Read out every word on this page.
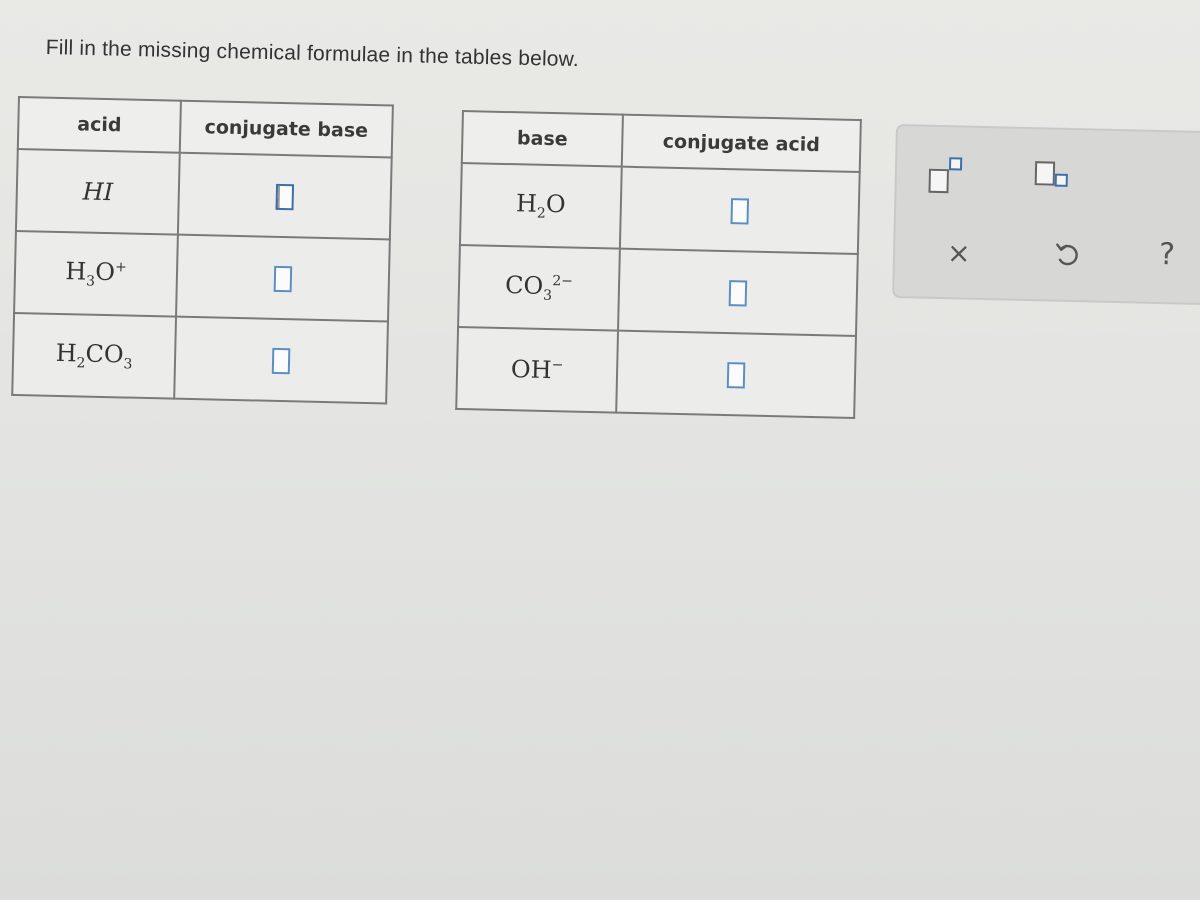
Fill in the missing chemical formulae in the tables below.
acid	conjugate base
HI	
$H_3O^+$	
$H_2CO_3$	
base	conjugate acid
$H_2O$	
$CO_3^{2-}$	
OH−	
×	?
